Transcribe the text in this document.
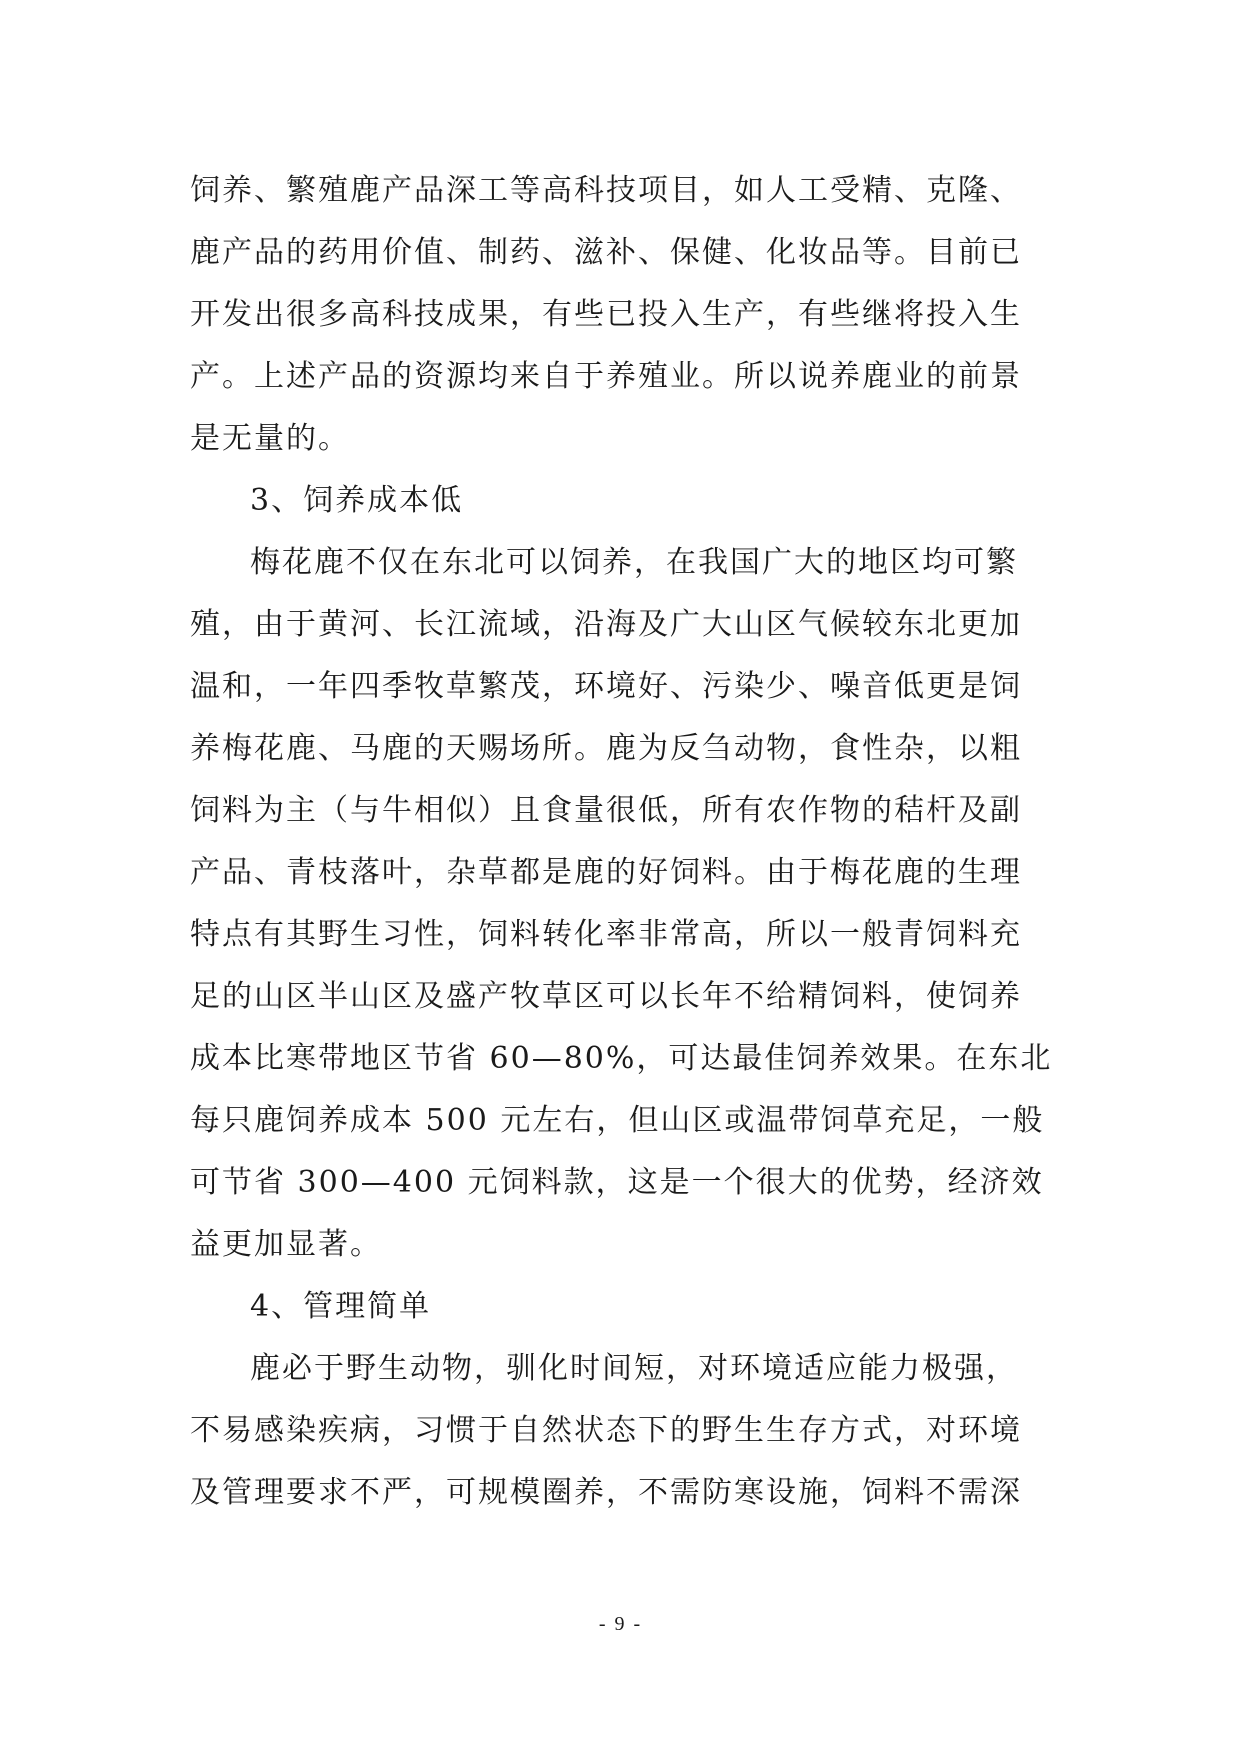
饲养、繁殖鹿产品深工等高科技项目，如人工受精、克隆、
鹿产品的药用价值、制药、滋补、保健、化妆品等。目前已
开发出很多高科技成果，有些已投入生产，有些继将投入生
产。上述产品的资源均来自于养殖业。所以说养鹿业的前景
是无量的。
3、饲养成本低
梅花鹿不仅在东北可以饲养，在我国广大的地区均可繁
殖，由于黄河、长江流域，沿海及广大山区气候较东北更加
温和，一年四季牧草繁茂，环境好、污染少、噪音低更是饲
养梅花鹿、马鹿的天赐场所。鹿为反刍动物，食性杂，以粗
饲料为主（与牛相似）且食量很低，所有农作物的秸杆及副
产品、青枝落叶，杂草都是鹿的好饲料。由于梅花鹿的生理
特点有其野生习性，饲料转化率非常高，所以一般青饲料充
足的山区半山区及盛产牧草区可以长年不给精饲料，使饲养
成本比寒带地区节省 60—80%，可达最佳饲养效果。在东北
每只鹿饲养成本 500 元左右，但山区或温带饲草充足，一般
可节省 300—400 元饲料款，这是一个很大的优势，经济效
益更加显著。
4、管理简单
鹿必于野生动物，驯化时间短，对环境适应能力极强，
不易感染疾病，习惯于自然状态下的野生生存方式，对环境
及管理要求不严，可规模圈养，不需防寒设施，饲料不需深
- 9 -
